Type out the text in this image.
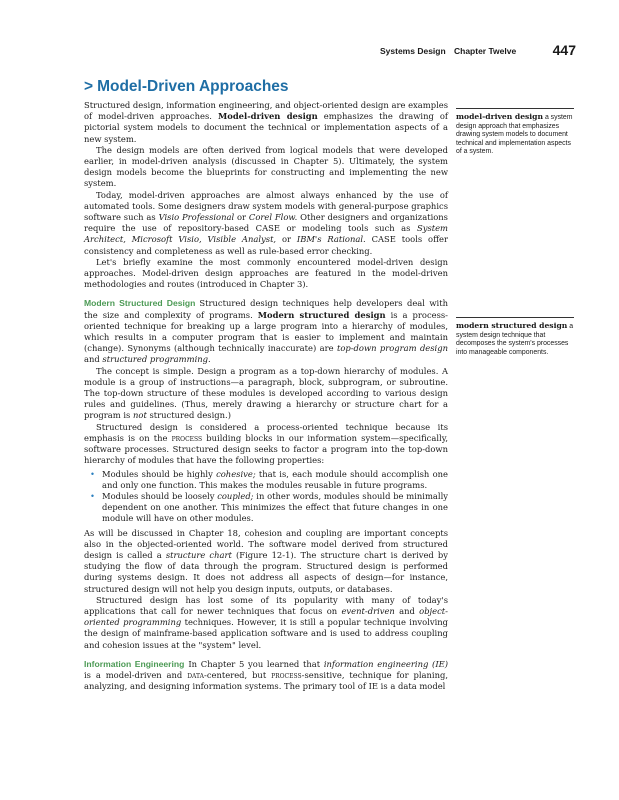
Systems Design Chapter Twelve	447
> Model-Driven Approaches

Structured design, information engineering, and object-oriented design are examples of model-driven approaches. Model-driven design emphasizes the drawing of pictorial system models to document the technical or implementation aspects of a new system.

The design models are often derived from logical models that were developed earlier, in model-driven analysis (discussed in Chapter 5). Ultimately, the system design models become the blueprints for constructing and implementing the new system.

Today, model-driven approaches are almost always enhanced by the use of automated tools. Some designers draw system models with general-purpose graphics software such as Visio Professional or Corel Flow. Other designers and organizations require the use of repository-based CASE or modeling tools such as System Architect, Microsoft Visio, Visible Analyst, or IBM's Rational. CASE tools offer consistency and completeness as well as rule-based error checking.

Let's briefly examine the most commonly encountered model-driven design approaches. Model-driven design approaches are featured in the model-driven methodologies and routes (introduced in Chapter 3).

Modern Structured Design Structured design techniques help developers deal with the size and complexity of programs. Modern structured design is a process-oriented technique for breaking up a large program into a hierarchy of modules, which results in a computer program that is easier to implement and maintain (change). Synonyms (although technically inaccurate) are top-down program design and structured programming.

The concept is simple. Design a program as a top-down hierarchy of modules. A module is a group of instructions—a paragraph, block, subprogram, or subroutine. The top-down structure of these modules is developed according to various design rules and guidelines. (Thus, merely drawing a hierarchy or structure chart for a program is not structured design.)

Structured design is considered a process-oriented technique because its emphasis is on the process building blocks in our information system—specifically, software processes. Structured design seeks to factor a program into the top-down hierarchy of modules that have the following properties:

• Modules should be highly cohesive; that is, each module should accomplish one and only one function. This makes the modules reusable in future programs.
• Modules should be loosely coupled; in other words, modules should be minimally dependent on one another. This minimizes the effect that future changes in one module will have on other modules.

As will be discussed in Chapter 18, cohesion and coupling are important concepts also in the objected-oriented world. The software model derived from structured design is called a structure chart (Figure 12-1). The structure chart is derived by studying the flow of data through the program. Structured design is performed during systems design. It does not address all aspects of design—for instance, structured design will not help you design inputs, outputs, or databases.

Structured design has lost some of its popularity with many of today's applications that call for newer techniques that focus on event-driven and object-oriented programming techniques. However, it is still a popular technique involving the design of mainframe-based application software and is used to address coupling and cohesion issues at the "system" level.

Information Engineering In Chapter 5 you learned that information engineering (IE) is a model-driven and data-centered, but process-sensitive, technique for planing, analyzing, and designing information systems. The primary tool of IE is a data model

model-driven design a system design approach that emphasizes drawing system models to document technical and implementation aspects of a system.
modern structured design a system design technique that decomposes the system's processes into manageable components.
